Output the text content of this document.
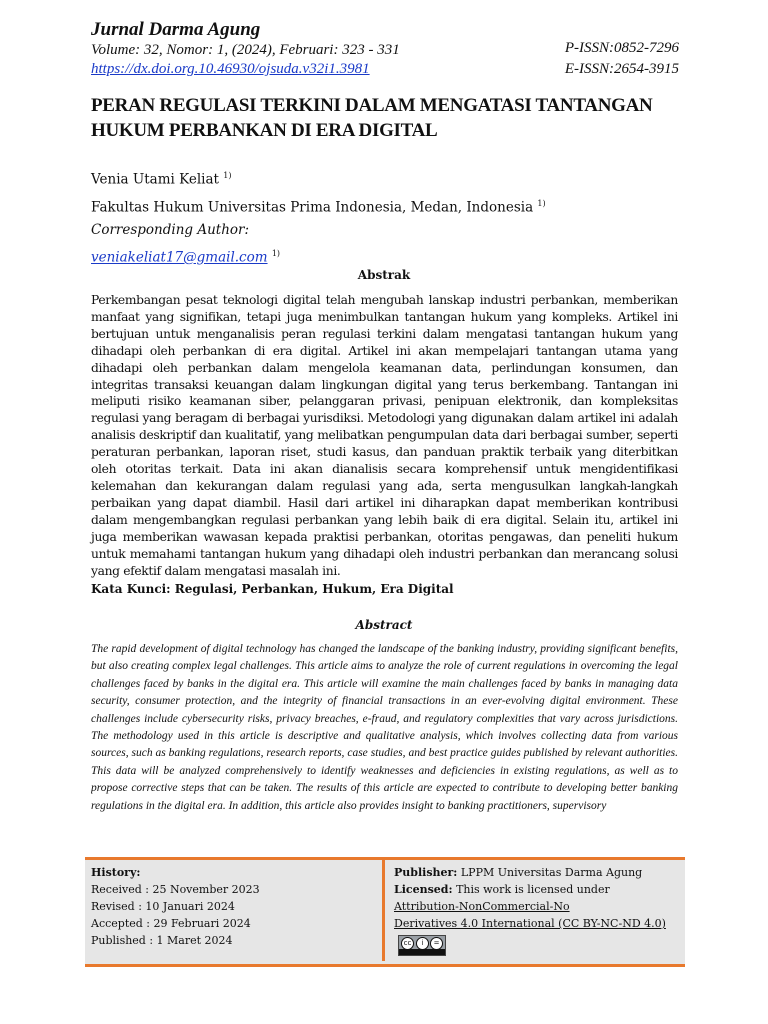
Jurnal Darma Agung
Volume: 32, Nomor: 1, (2024), Februari: 323 - 331
https://dx.doi.org.10.46930/ojsuda.v32i1.3981
P-ISSN:0852-7296
E-ISSN:2654-3915
PERAN REGULASI TERKINI DALAM MENGATASI TANTANGAN
HUKUM PERBANKAN DI ERA DIGITAL
Venia Utami Keliat $^{1)}$
Fakultas Hukum Universitas Prima Indonesia, Medan, Indonesia $^{1)}$
Corresponding Author:
veniakeliat17@gmail.com $^{1)}$
Abstrak
Perkembangan pesat teknologi digital telah mengubah lanskap industri perbankan, memberikan manfaat yang signifikan, tetapi juga menimbulkan tantangan hukum yang kompleks. Artikel ini bertujuan untuk menganalisis peran regulasi terkini dalam mengatasi tantangan hukum yang dihadapi oleh perbankan di era digital. Artikel ini akan mempelajari tantangan utama yang dihadapi oleh perbankan dalam mengelola keamanan data, perlindungan konsumen, dan integritas transaksi keuangan dalam lingkungan digital yang terus berkembang. Tantangan ini meliputi risiko keamanan siber, pelanggaran privasi, penipuan elektronik, dan kompleksitas regulasi yang beragam di berbagai yurisdiksi. Metodologi yang digunakan dalam artikel ini adalah analisis deskriptif dan kualitatif, yang melibatkan pengumpulan data dari berbagai sumber, seperti peraturan perbankan, laporan riset, studi kasus, dan panduan praktik terbaik yang diterbitkan oleh otoritas terkait. Data ini akan dianalisis secara komprehensif untuk mengidentifikasi kelemahan dan kekurangan dalam regulasi yang ada, serta mengusulkan langkah-langkah perbaikan yang dapat diambil. Hasil dari artikel ini diharapkan dapat memberikan kontribusi dalam mengembangkan regulasi perbankan yang lebih baik di era digital. Selain itu, artikel ini juga memberikan wawasan kepada praktisi perbankan, otoritas pengawas, dan peneliti hukum untuk memahami tantangan hukum yang dihadapi oleh industri perbankan dan merancang solusi yang efektif dalam mengatasi masalah ini.
Kata Kunci: Regulasi, Perbankan, Hukum, Era Digital
Abstract
The rapid development of digital technology has changed the landscape of the banking industry, providing significant benefits, but also creating complex legal challenges. This article aims to analyze the role of current regulations in overcoming the legal challenges faced by banks in the digital era. This article will examine the main challenges faced by banks in managing data security, consumer protection, and the integrity of financial transactions in an ever-evolving digital environment. These challenges include cybersecurity risks, privacy breaches, e-fraud, and regulatory complexities that vary across jurisdictions. The methodology used in this article is descriptive and qualitative analysis, which involves collecting data from various sources, such as banking regulations, research reports, case studies, and best practice guides published by relevant authorities. This data will be analyzed comprehensively to identify weaknesses and deficiencies in existing regulations, as well as to propose corrective steps that can be taken. The results of this article are expected to contribute to developing better banking regulations in the digital era. In addition, this article also provides insight to banking practitioners, supervisory
History:
Received : 25 November 2023
Revised : 10 Januari 2024
Accepted : 29 Februari 2024
Published : 1 Maret 2024
Publisher: LPPM Universitas Darma Agung
Licensed: This work is licensed under
Attribution-NonCommercial-No
Derivatives 4.0 International (CC BY-NC-ND 4.0)
cc	i	=
